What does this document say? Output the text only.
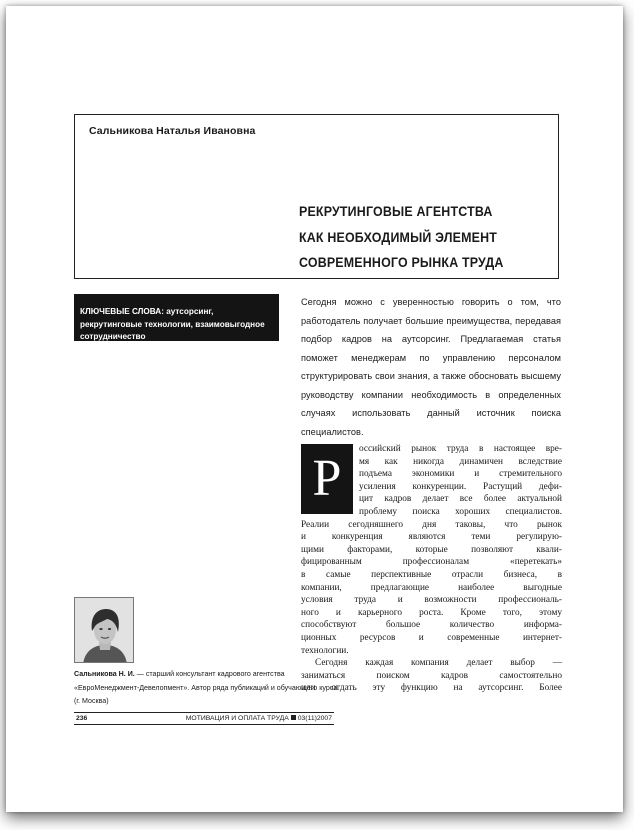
Сальникова Наталья Ивановна
РЕКРУТИНГОВЫЕ АГЕНТСТВА
КАК НЕОБХОДИМЫЙ ЭЛЕМЕНТ
СОВРЕМЕННОГО РЫНКА ТРУДА
КЛЮЧЕВЫЕ СЛОВА: аутсорсинг, рекрутинговые технологии, взаимовыгодное сотрудничество
Сегодня можно с уверенностью говорить о том, что работодатель получает большие преимущества, передавая подбор кадров на аутсорсинг. Предлагаемая статья поможет менеджерам по управлению персоналом структурировать свои знания, а также обосновать высшему руководству компании необходимость в определенных случаях использовать данный источник поиска специалистов.
Р
оссийский рынок труда в настоящее вре-
мя как никогда динамичен вследствие
подъема экономики и стремительного
усиления конкуренции. Растущий дефи-
цит кадров делает все более актуальной
проблему поиска хороших специалистов.
Реалии сегодняшнего дня таковы, что рынок
и конкуренция являются теми регулирую-
щими факторами, которые позволяют квали-
фицированным профессионалам «перетекать»
в самые перспективные отрасли бизнеса, в
компании, предлагающие наиболее выгодные
условия труда и возможности профессиональ-
ного и карьерного роста. Кроме того, этому
способствуют большое количество информа-
ционных ресурсов и современные интернет-
технологии.
Сегодня каждая компания делает выбор —
заниматься поиском кадров самостоятельно
или отдать эту функцию на аутсорсинг. Более
Сальникова Н. И. — старший консультант кадрового агентства «ЕвроМенеджмент-Девелопмент». Автор ряда публикаций и обучающего курса (г. Москва)
236	МОТИВАЦИЯ И ОПЛАТА ТРУДА 03(11)2007
